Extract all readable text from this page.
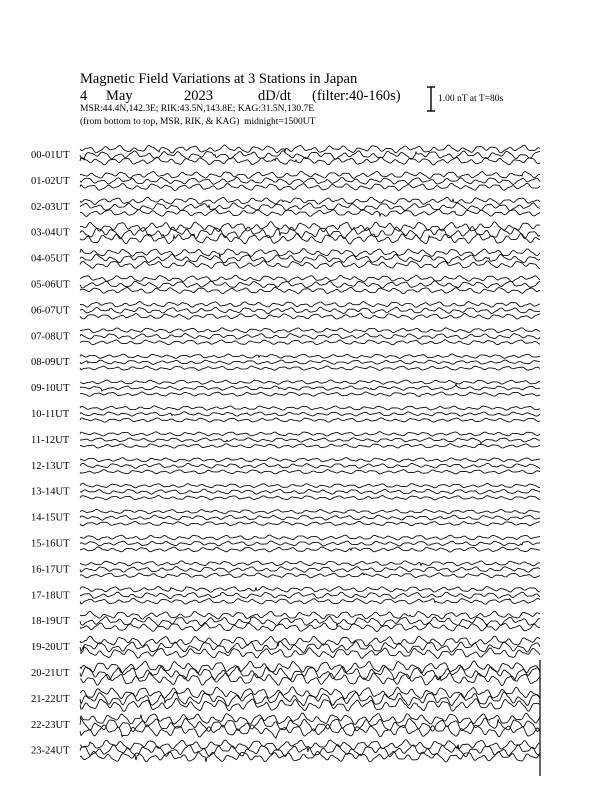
Magnetic Field Variations at 3 Stations in Japan

4

May

	2023

	dD/dt

(filter:40-160s)

MSR:44.4N,142.3E; RIK:43.5N,143.8E; KAG:31.5N,130.7E
(from bottom to top, MSR, RIK, & KAG)  midnight=1500UT
1.00 nT at T=80s
00-01UT
01-02UT
02-03UT
03-04UT
04-05UT
05-06UT
06-07UT
07-08UT
08-09UT
09-10UT
10-11UT
11-12UT
12-13UT
13-14UT
14-15UT
15-16UT
16-17UT
17-18UT
18-19UT
19-20UT
20-21UT
21-22UT
22-23UT
23-24UT
